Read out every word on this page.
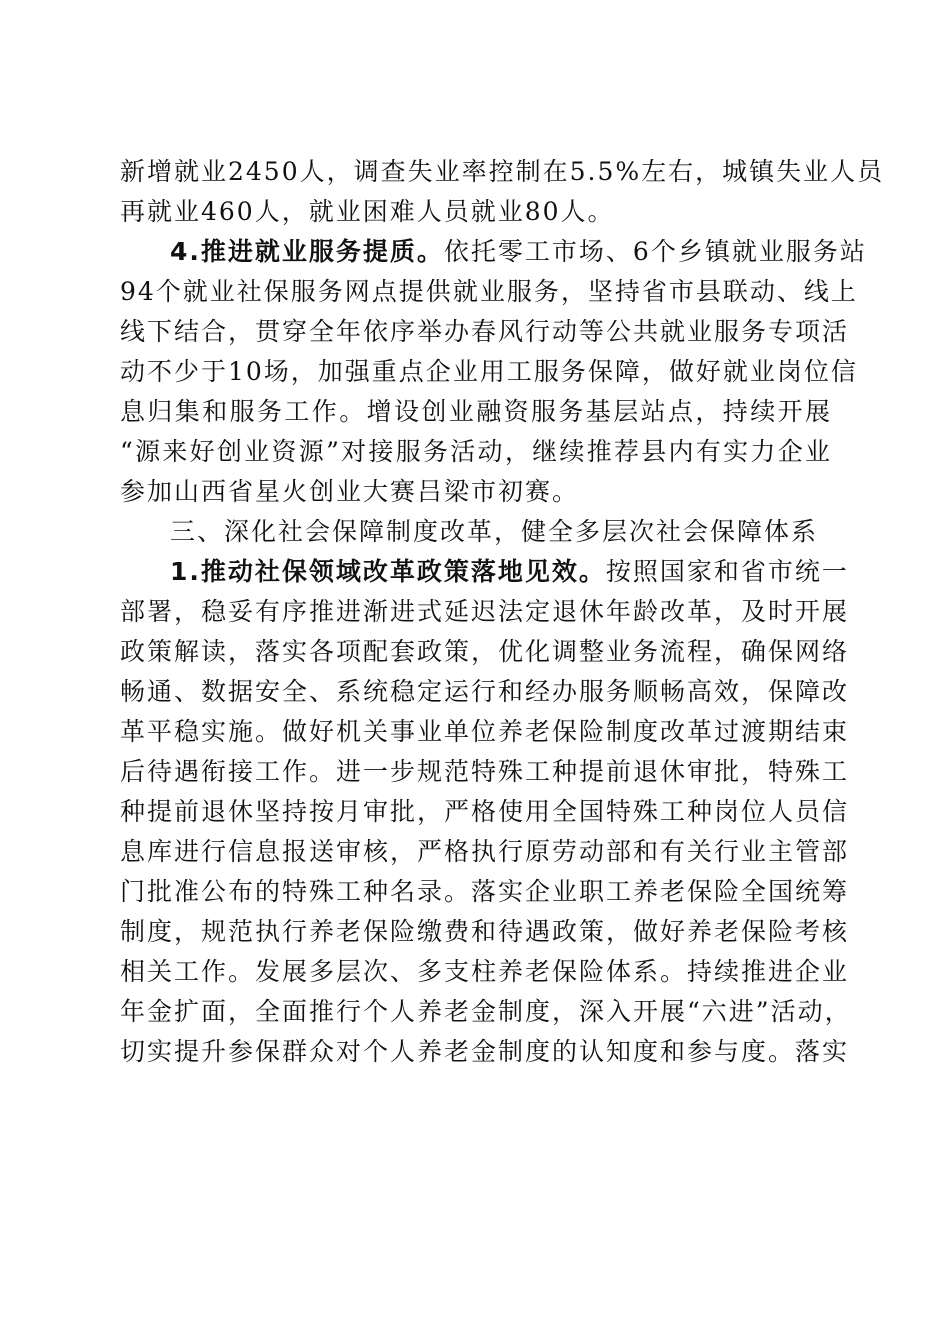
新增就业2450人，调查失业率控制在5.5%左右，城镇失业人员
再就业460人，就业困难人员就业80人。
4.推进就业服务提质。依托零工市场、6个乡镇就业服务站
94个就业社保服务网点提供就业服务，坚持省市县联动、线上
线下结合，贯穿全年依序举办春风行动等公共就业服务专项活
动不少于10场，加强重点企业用工服务保障，做好就业岗位信
息归集和服务工作。增设创业融资服务基层站点，持续开展
“源来好创业资源”对接服务活动，继续推荐县内有实力企业
参加山西省星火创业大赛吕梁市初赛。
三、深化社会保障制度改革，健全多层次社会保障体系
1.推动社保领域改革政策落地见效。按照国家和省市统一
部署，稳妥有序推进渐进式延迟法定退休年龄改革，及时开展
政策解读，落实各项配套政策，优化调整业务流程，确保网络
畅通、数据安全、系统稳定运行和经办服务顺畅高效，保障改
革平稳实施。做好机关事业单位养老保险制度改革过渡期结束
后待遇衔接工作。进一步规范特殊工种提前退休审批，特殊工
种提前退休坚持按月审批，严格使用全国特殊工种岗位人员信
息库进行信息报送审核，严格执行原劳动部和有关行业主管部
门批准公布的特殊工种名录。落实企业职工养老保险全国统筹
制度，规范执行养老保险缴费和待遇政策，做好养老保险考核
相关工作。发展多层次、多支柱养老保险体系。持续推进企业
年金扩面，全面推行个人养老金制度，深入开展“六进”活动，
切实提升参保群众对个人养老金制度的认知度和参与度。落实
